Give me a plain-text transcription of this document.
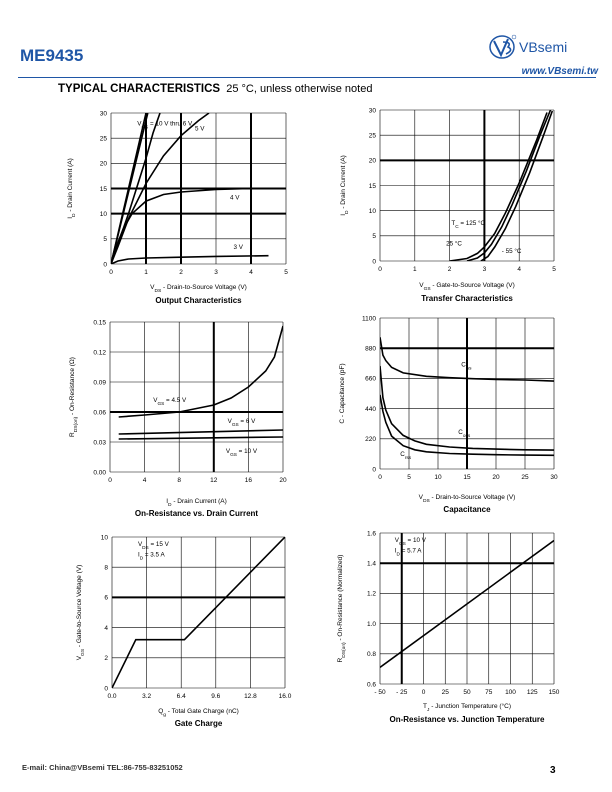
ME9435	VBsemi
www.VBsemi.tw
TYPICAL CHARACTERISTICS 25 °C, unless otherwise noted
0	1	2	3	4	5
0
5
10
15
20
25
30
$V_{GS} = 10$ V thru 6 V
5 V
4 V
3 V
$V_{DS}$ - Drain-to-Source Voltage (V)
$I_D$ - Drain Current (A)
Output Characteristics
0	1	2	3	4	5
0
5
10
15
20
25
30
$T_C = 125$ °C
25 °C
- 55 °C
$V_{GS}$ - Gate-to-Source Voltage (V)
$I_D$ - Drain Current (A)
Transfer Characteristics
0	4	8	12	16	20
0.00
0.03
0.06
0.09
0.12
0.15
$V_{GS} = 4.5$ V
$V_{GS} = 6$ V
$V_{GS} = 10$ V
$I_D$ - Drain Current (A)
$R_{DS(on)}$ - On-Resistance (Ω)
On-Resistance vs. Drain Current
0	5	10	15	20	25	30
0
220
440
660
880
1100
$C_{iss}$
$C_{oss}$
$C_{rss}$
$V_{DS}$ - Drain-to-Source Voltage (V)
C - Capacitance (pF)
Capacitance
0.0	3.2	6.4	9.6	12.8	16.0
0
2
4
6
8
10
$V_{DS} = 15$ V
$I_D = 3.5$ A
$Q_g$ - Total Gate Charge (nC)
$V_{GS}$ - Gate-to-Source Voltage (V)
Gate Charge
- 50 - 25 0	25 50 75 100 125 150
0.6
0.8
1.0
1.2
1.4
1.6
$V_{GS} = 10$ V
$I_D = 5.7$ A
$T_J$ - Junction Temperature (°C)
$R_{DS(on)}$ - On-Resistance (Normalized)
On-Resistance vs. Junction Temperature
E-mail: China@VBsemi TEL:86-755-83251052	3
